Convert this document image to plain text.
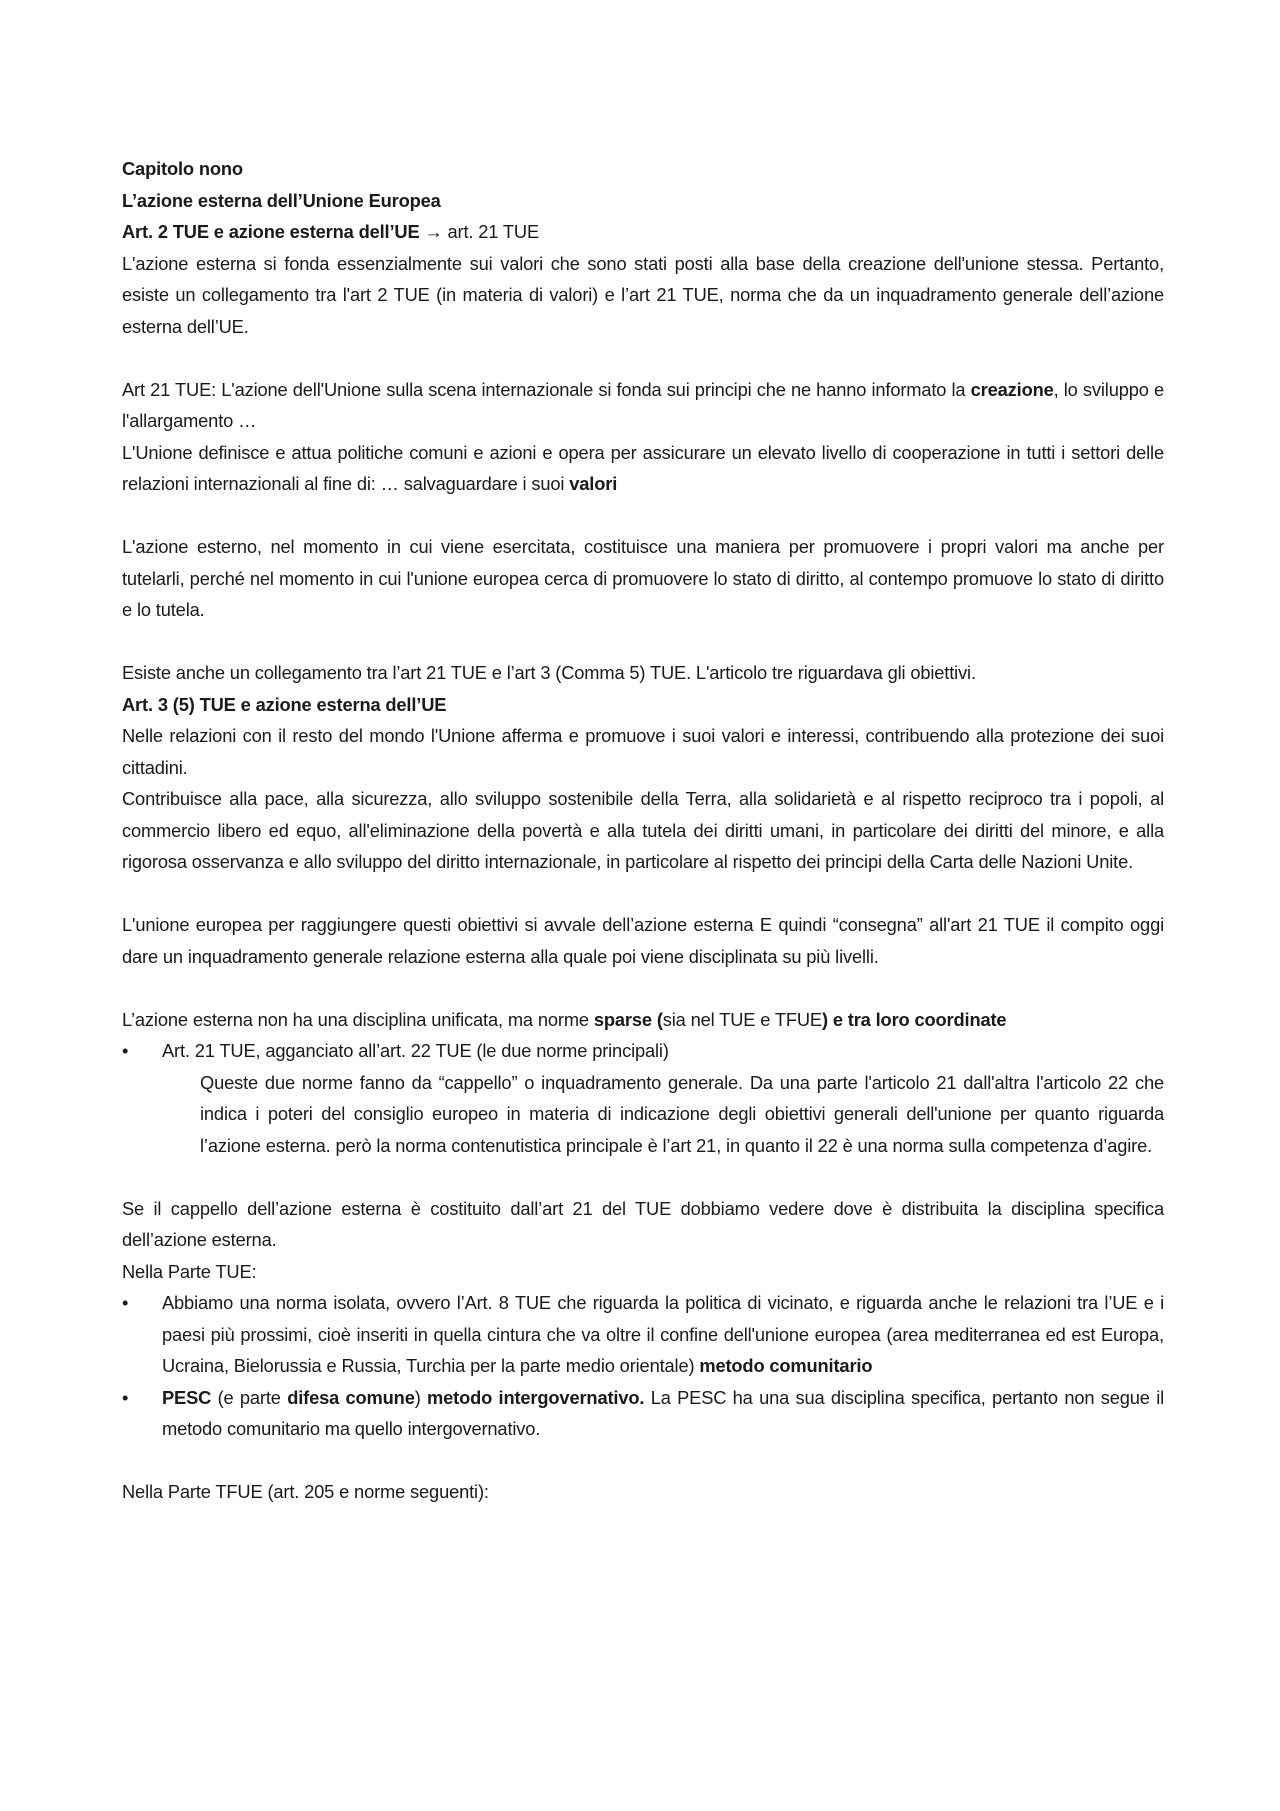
Capitolo nono

L’azione esterna dell’Unione Europea

Art. 2 TUE e azione esterna dell’UE → art. 21 TUE

L'azione esterna si fonda essenzialmente sui valori che sono stati posti alla base della creazione dell'unione stessa. Pertanto, esiste un collegamento tra l'art 2 TUE (in materia di valori) e l’art 21 TUE, norma che da un inquadramento generale dell’azione esterna dell’UE.

Art 21 TUE: L'azione dell'Unione sulla scena internazionale si fonda sui principi che ne hanno informato la creazione, lo sviluppo e l'allargamento …

L'Unione definisce e attua politiche comuni e azioni e opera per assicurare un elevato livello di cooperazione in tutti i settori delle relazioni internazionali al fine di: … salvaguardare i suoi valori

L'azione esterno, nel momento in cui viene esercitata, costituisce una maniera per promuovere i propri valori ma anche per tutelarli, perché nel momento in cui l'unione europea cerca di promuovere lo stato di diritto, al contempo promuove lo stato di diritto e lo tutela.

Esiste anche un collegamento tra l’art 21 TUE e l’art 3 (Comma 5) TUE. L'articolo tre riguardava gli obiettivi.

Art. 3 (5) TUE e azione esterna dell’UE

Nelle relazioni con il resto del mondo l'Unione afferma e promuove i suoi valori e interessi, contribuendo alla protezione dei suoi cittadini.

Contribuisce alla pace, alla sicurezza, allo sviluppo sostenibile della Terra, alla solidarietà e al rispetto reciproco tra i popoli, al commercio libero ed equo, all'eliminazione della povertà e alla tutela dei diritti umani, in particolare dei diritti del minore, e alla rigorosa osservanza e allo sviluppo del diritto internazionale, in particolare al rispetto dei principi della Carta delle Nazioni Unite.

L'unione europea per raggiungere questi obiettivi si avvale dell’azione esterna E quindi “consegna” all'art 21 TUE il compito oggi dare un inquadramento generale relazione esterna alla quale poi viene disciplinata su più livelli.

L’azione esterna non ha una disciplina unificata, ma norme sparse (sia nel TUE e TFUE) e tra loro coordinate

•	Art. 21 TUE, agganciato all’art. 22 TUE (le due norme principali)

Queste due norme fanno da “cappello” o inquadramento generale. Da una parte l'articolo 21 dall'altra l'articolo 22 che indica i poteri del consiglio europeo in materia di indicazione degli obiettivi generali dell'unione per quanto riguarda l’azione esterna. però la norma contenutistica principale è l’art 21, in quanto il 22 è una norma sulla competenza d’agire.

Se il cappello dell’azione esterna è costituito dall’art 21 del TUE dobbiamo vedere dove è distribuita la disciplina specifica dell’azione esterna.

Nella Parte TUE:

•	Abbiamo una norma isolata, ovvero l’Art. 8 TUE che riguarda la politica di vicinato, e riguarda anche le relazioni tra l’UE e i paesi più prossimi, cioè inseriti in quella cintura che va oltre il confine dell'unione europea (area mediterranea ed est Europa, Ucraina, Bielorussia e Russia, Turchia per la parte medio orientale) metodo comunitario
•	PESC (e parte difesa comune) metodo intergovernativo. La PESC ha una sua disciplina specifica, pertanto non segue il metodo comunitario ma quello intergovernativo.

Nella Parte TFUE (art. 205 e norme seguenti):
